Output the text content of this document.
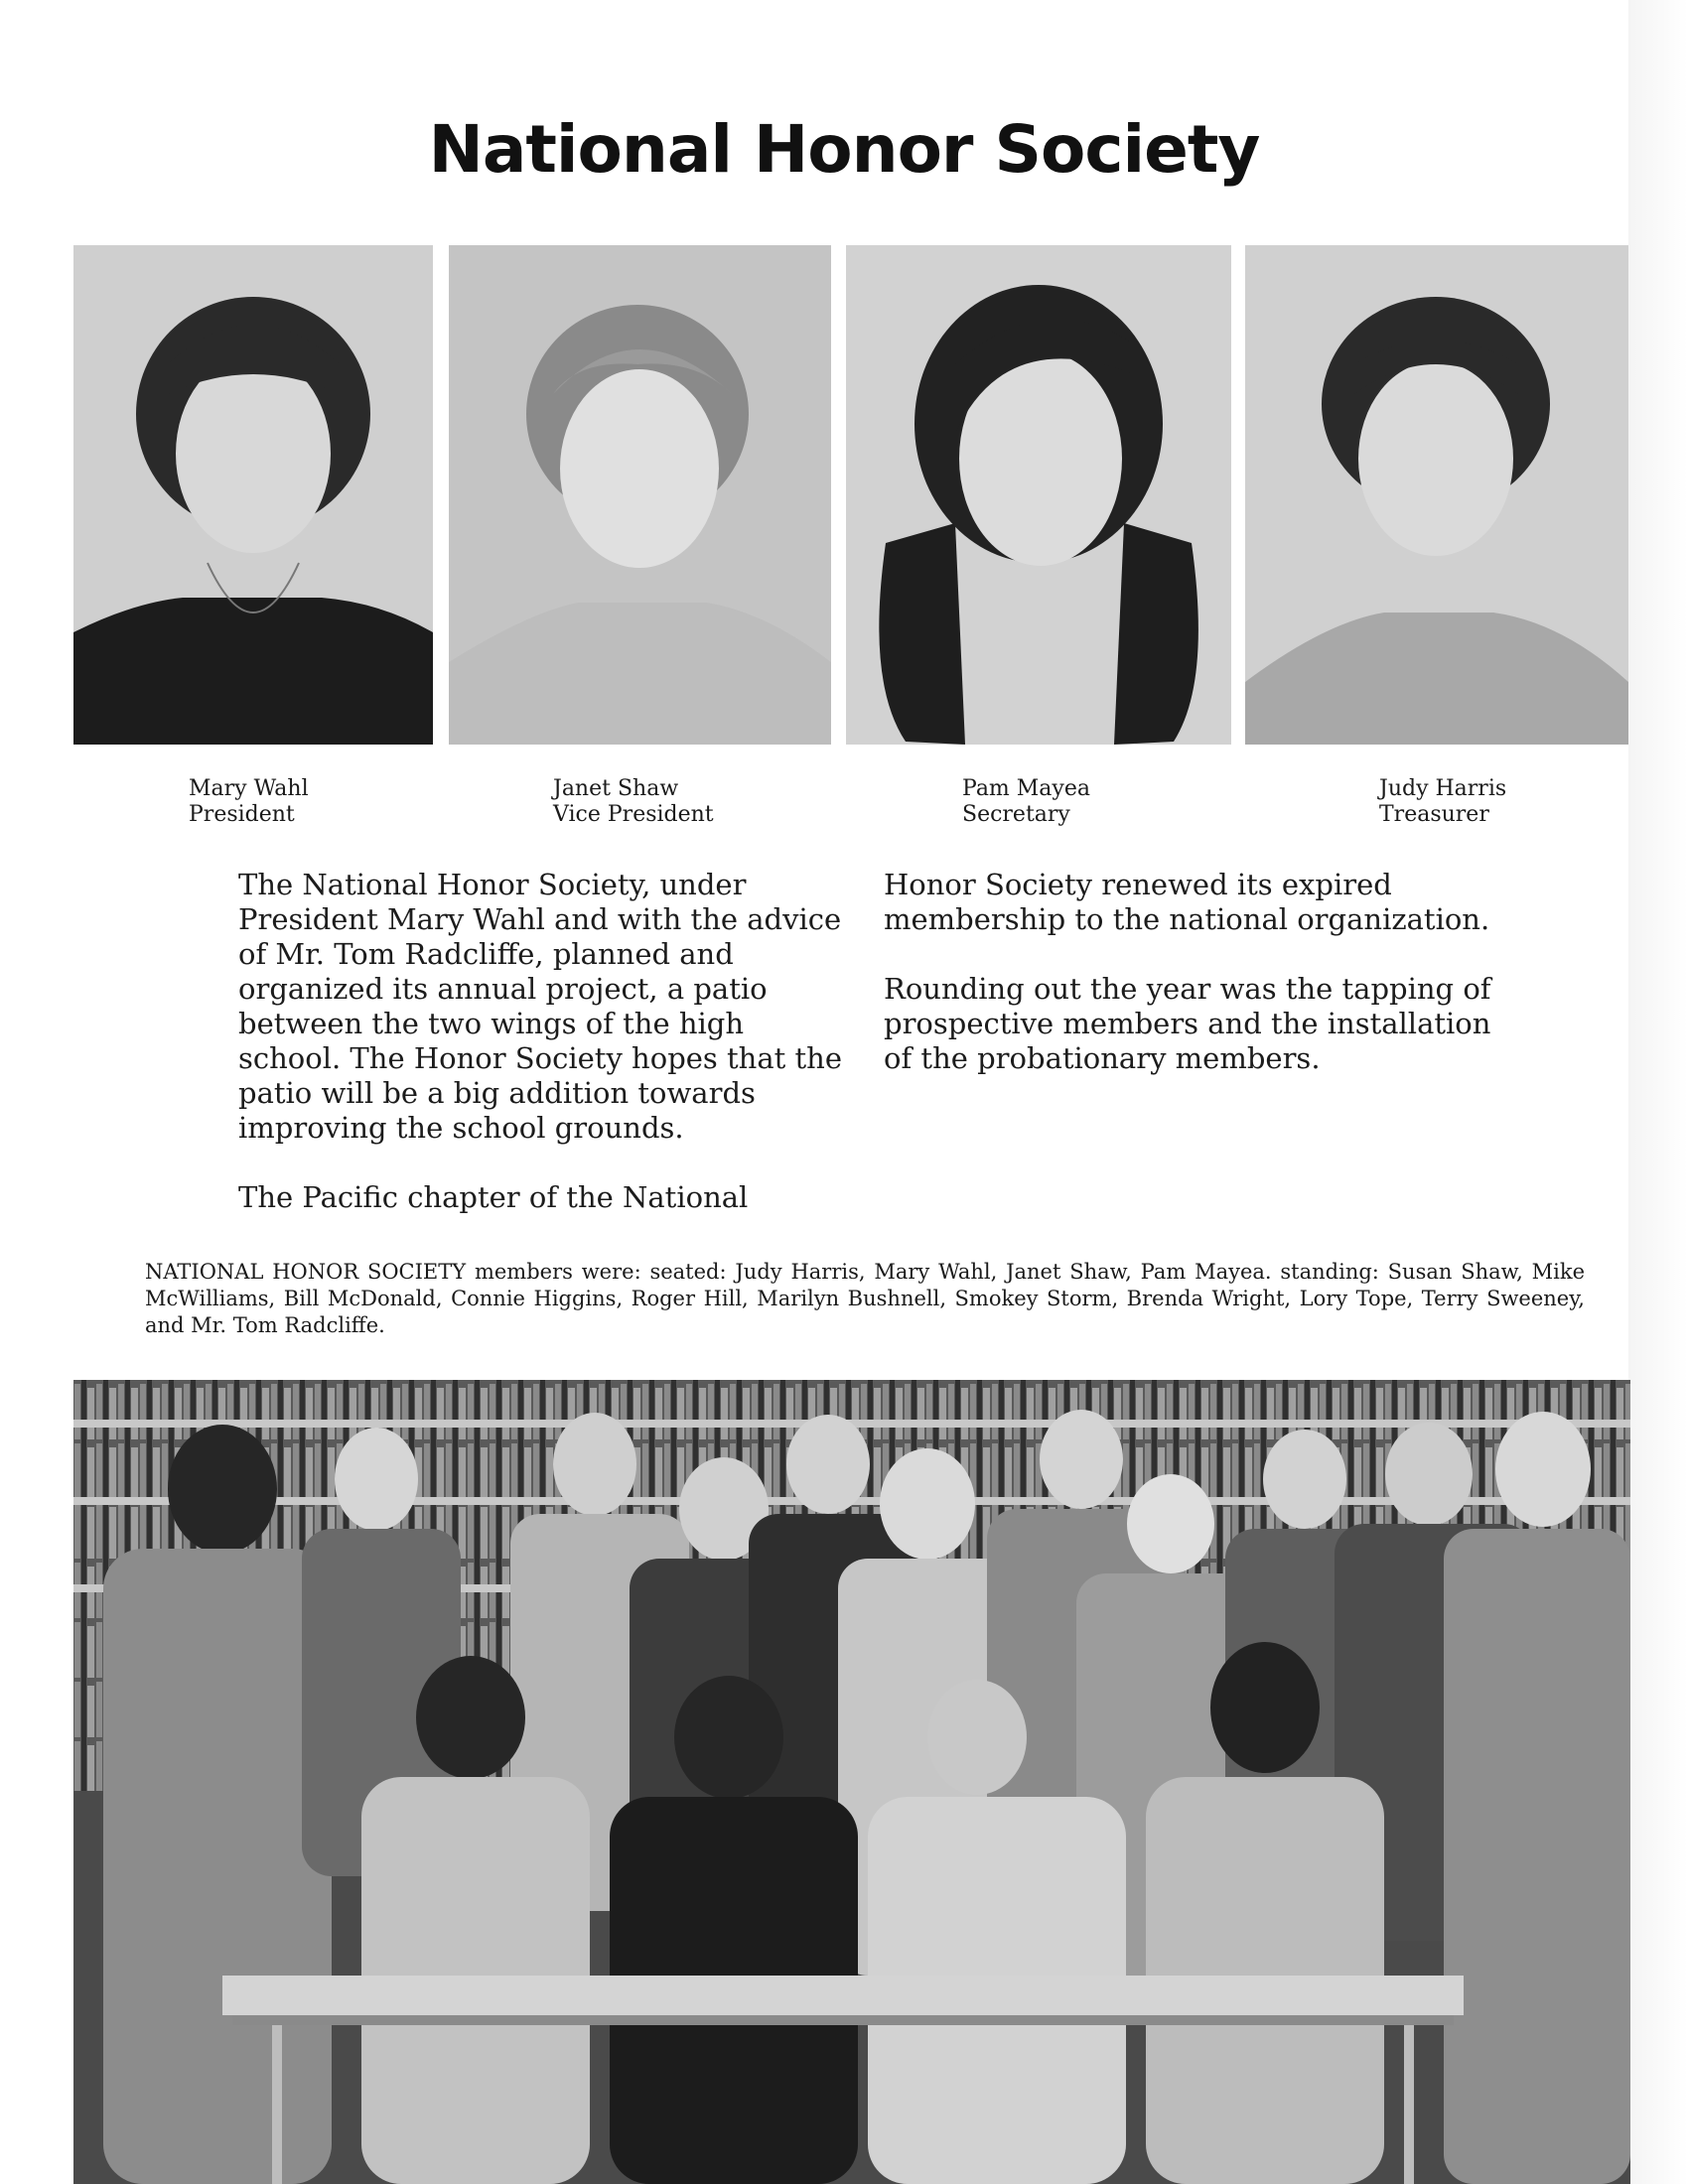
National Honor Society
Mary Wahl
President
Janet Shaw
Vice President
Pam Mayea
Secretary
Judy Harris
Treasurer

The National Honor Society, under President Mary Wahl and with the advice of Mr. Tom Radcliffe, planned and organized its annual project, a patio between the two wings of the high school. The Honor Society hopes that the patio will be a big addition towards improving the school grounds.

The Pacific chapter of the National

Honor Society renewed its expired membership to the national organization.

Rounding out the year was the tapping of prospective members and the installation of the probationary members.

NATIONAL HONOR SOCIETY members were: seated: Judy Harris, Mary Wahl, Janet Shaw, Pam Mayea. standing: Susan Shaw, Mike McWilliams, Bill McDonald, Connie Higgins, Roger Hill, Marilyn Bushnell, Smokey Storm, Brenda Wright, Lory Tope, Terry Sweeney, and Mr. Tom Radcliffe.
